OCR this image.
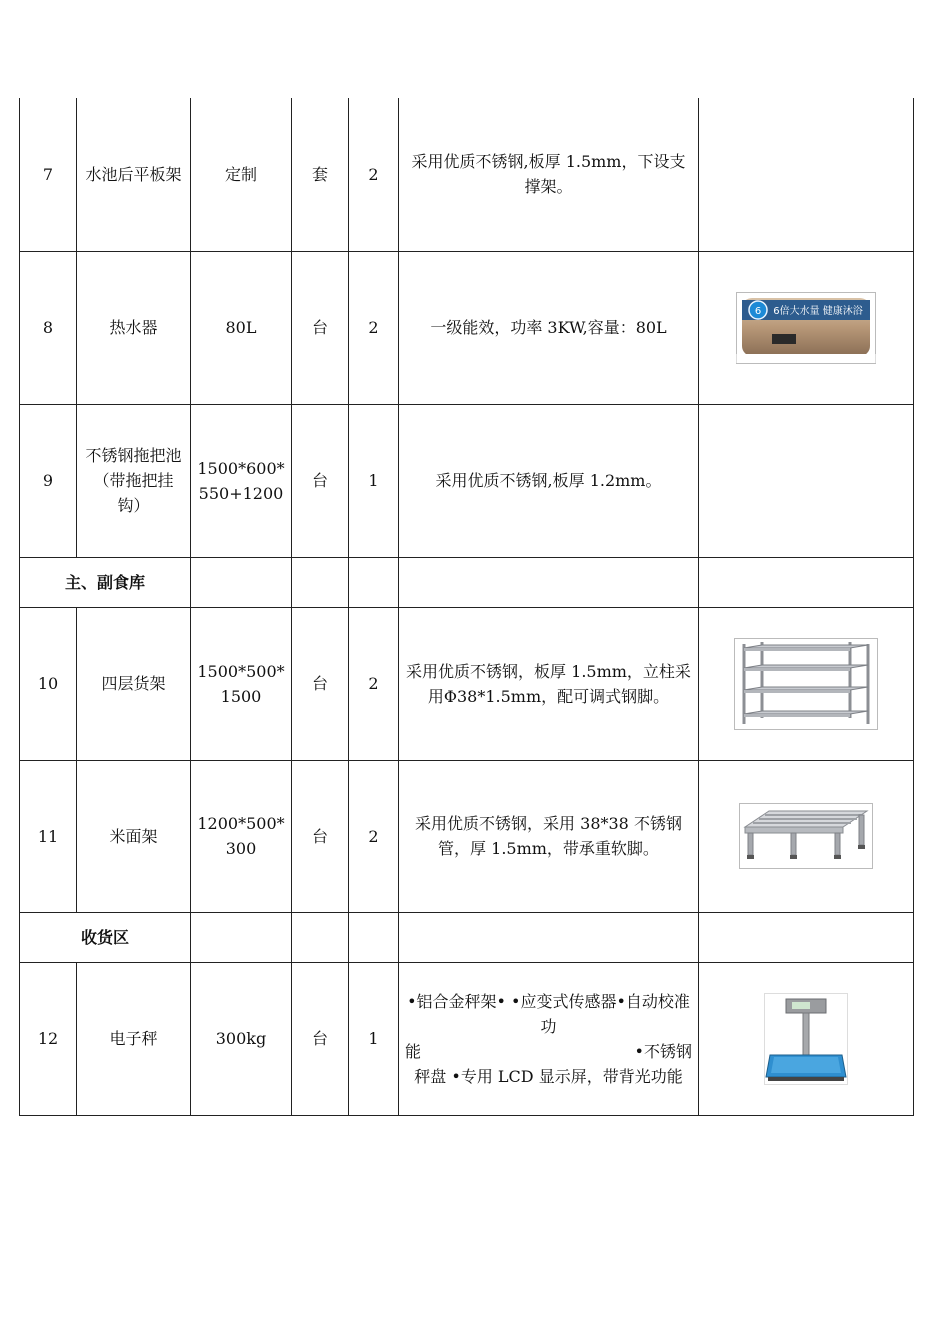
7	水池后平板架	定制	套	2	采用优质不锈钢,板厚 1.5mm，下设支撑架。	
8	热水器	80L	台	2	一级能效，功率 3KW,容量：80L	6 6倍大水量 健康沐浴

9	不锈钢拖把池（带拖把挂钩）	1500*600*550+1200	台	1	采用优质不锈钢,板厚 1.2mm。	
主、副食库						
10	四层货架	1500*500*1500	台	2	采用优质不锈钢，板厚 1.5mm，立柱采用Φ38*1.5mm，配可调式钢脚。	

11	米面架	1200*500*300	台	2	采用优质不锈钢，采用 38*38 不锈钢管，厚 1.5mm，带承重软脚。	

收货区						
12	电子秤	300kg	台	1	•铝合金秤架• •应变式传感器•自动校准功
能 •不锈钢
秤盘 •专用 LCD 显示屏，带背光功能	
